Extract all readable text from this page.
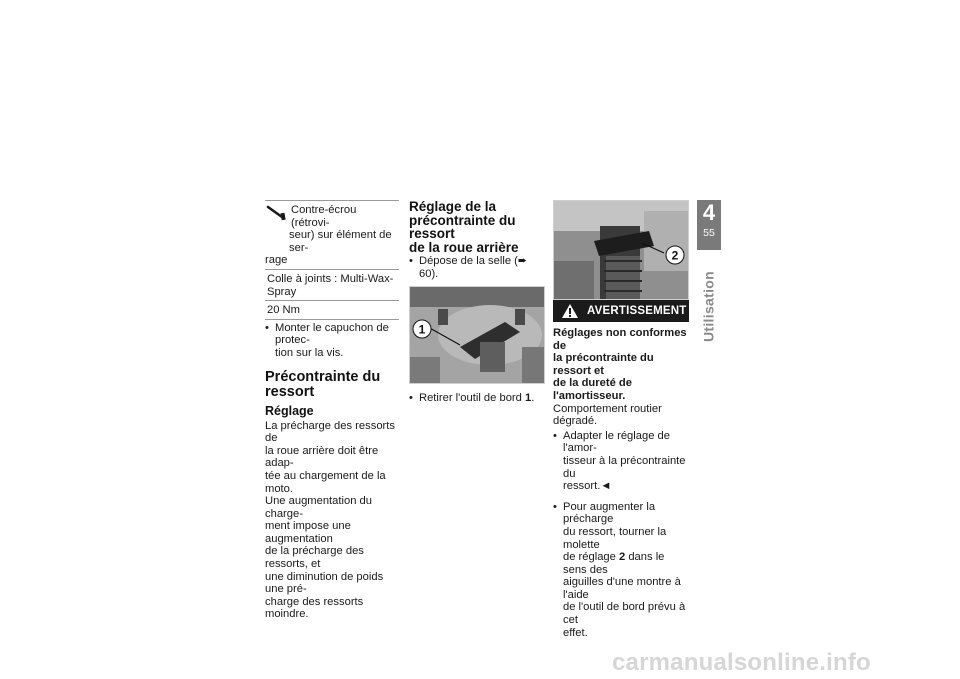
Contre-écrou (rétrovi-
seur) sur élément de ser-
rage
Colle à joints : Multi-Wax-
Spray
20 Nm
• Monter le capuchon de protec-
tion sur la vis.
Précontrainte du
ressort
Réglage

La précharge des ressorts de
la roue arrière doit être adap-
tée au chargement de la moto.
Une augmentation du charge-
ment impose une augmentation
de la précharge des ressorts, et
une diminution de poids une pré-
charge des ressorts moindre.

Réglage de la
précontrainte du ressort
de la roue arrière
• Dépose de la selle (➨ 60).
1
• Retirer l'outil de bord 1.
2
AVERTISSEMENT
Réglages non conformes de
la précontrainte du ressort et
de la dureté de l'amortisseur.
Comportement routier dégradé.
• Adapter le réglage de l'amor-
tisseur à la précontrainte du
ressort.◄
• Pour augmenter la précharge
du ressort, tourner la molette
de réglage 2 dans le sens des
aiguilles d'une montre à l'aide
de l'outil de bord prévu à cet
effet.
4
55
Utilisation
carmanualsonline.info
